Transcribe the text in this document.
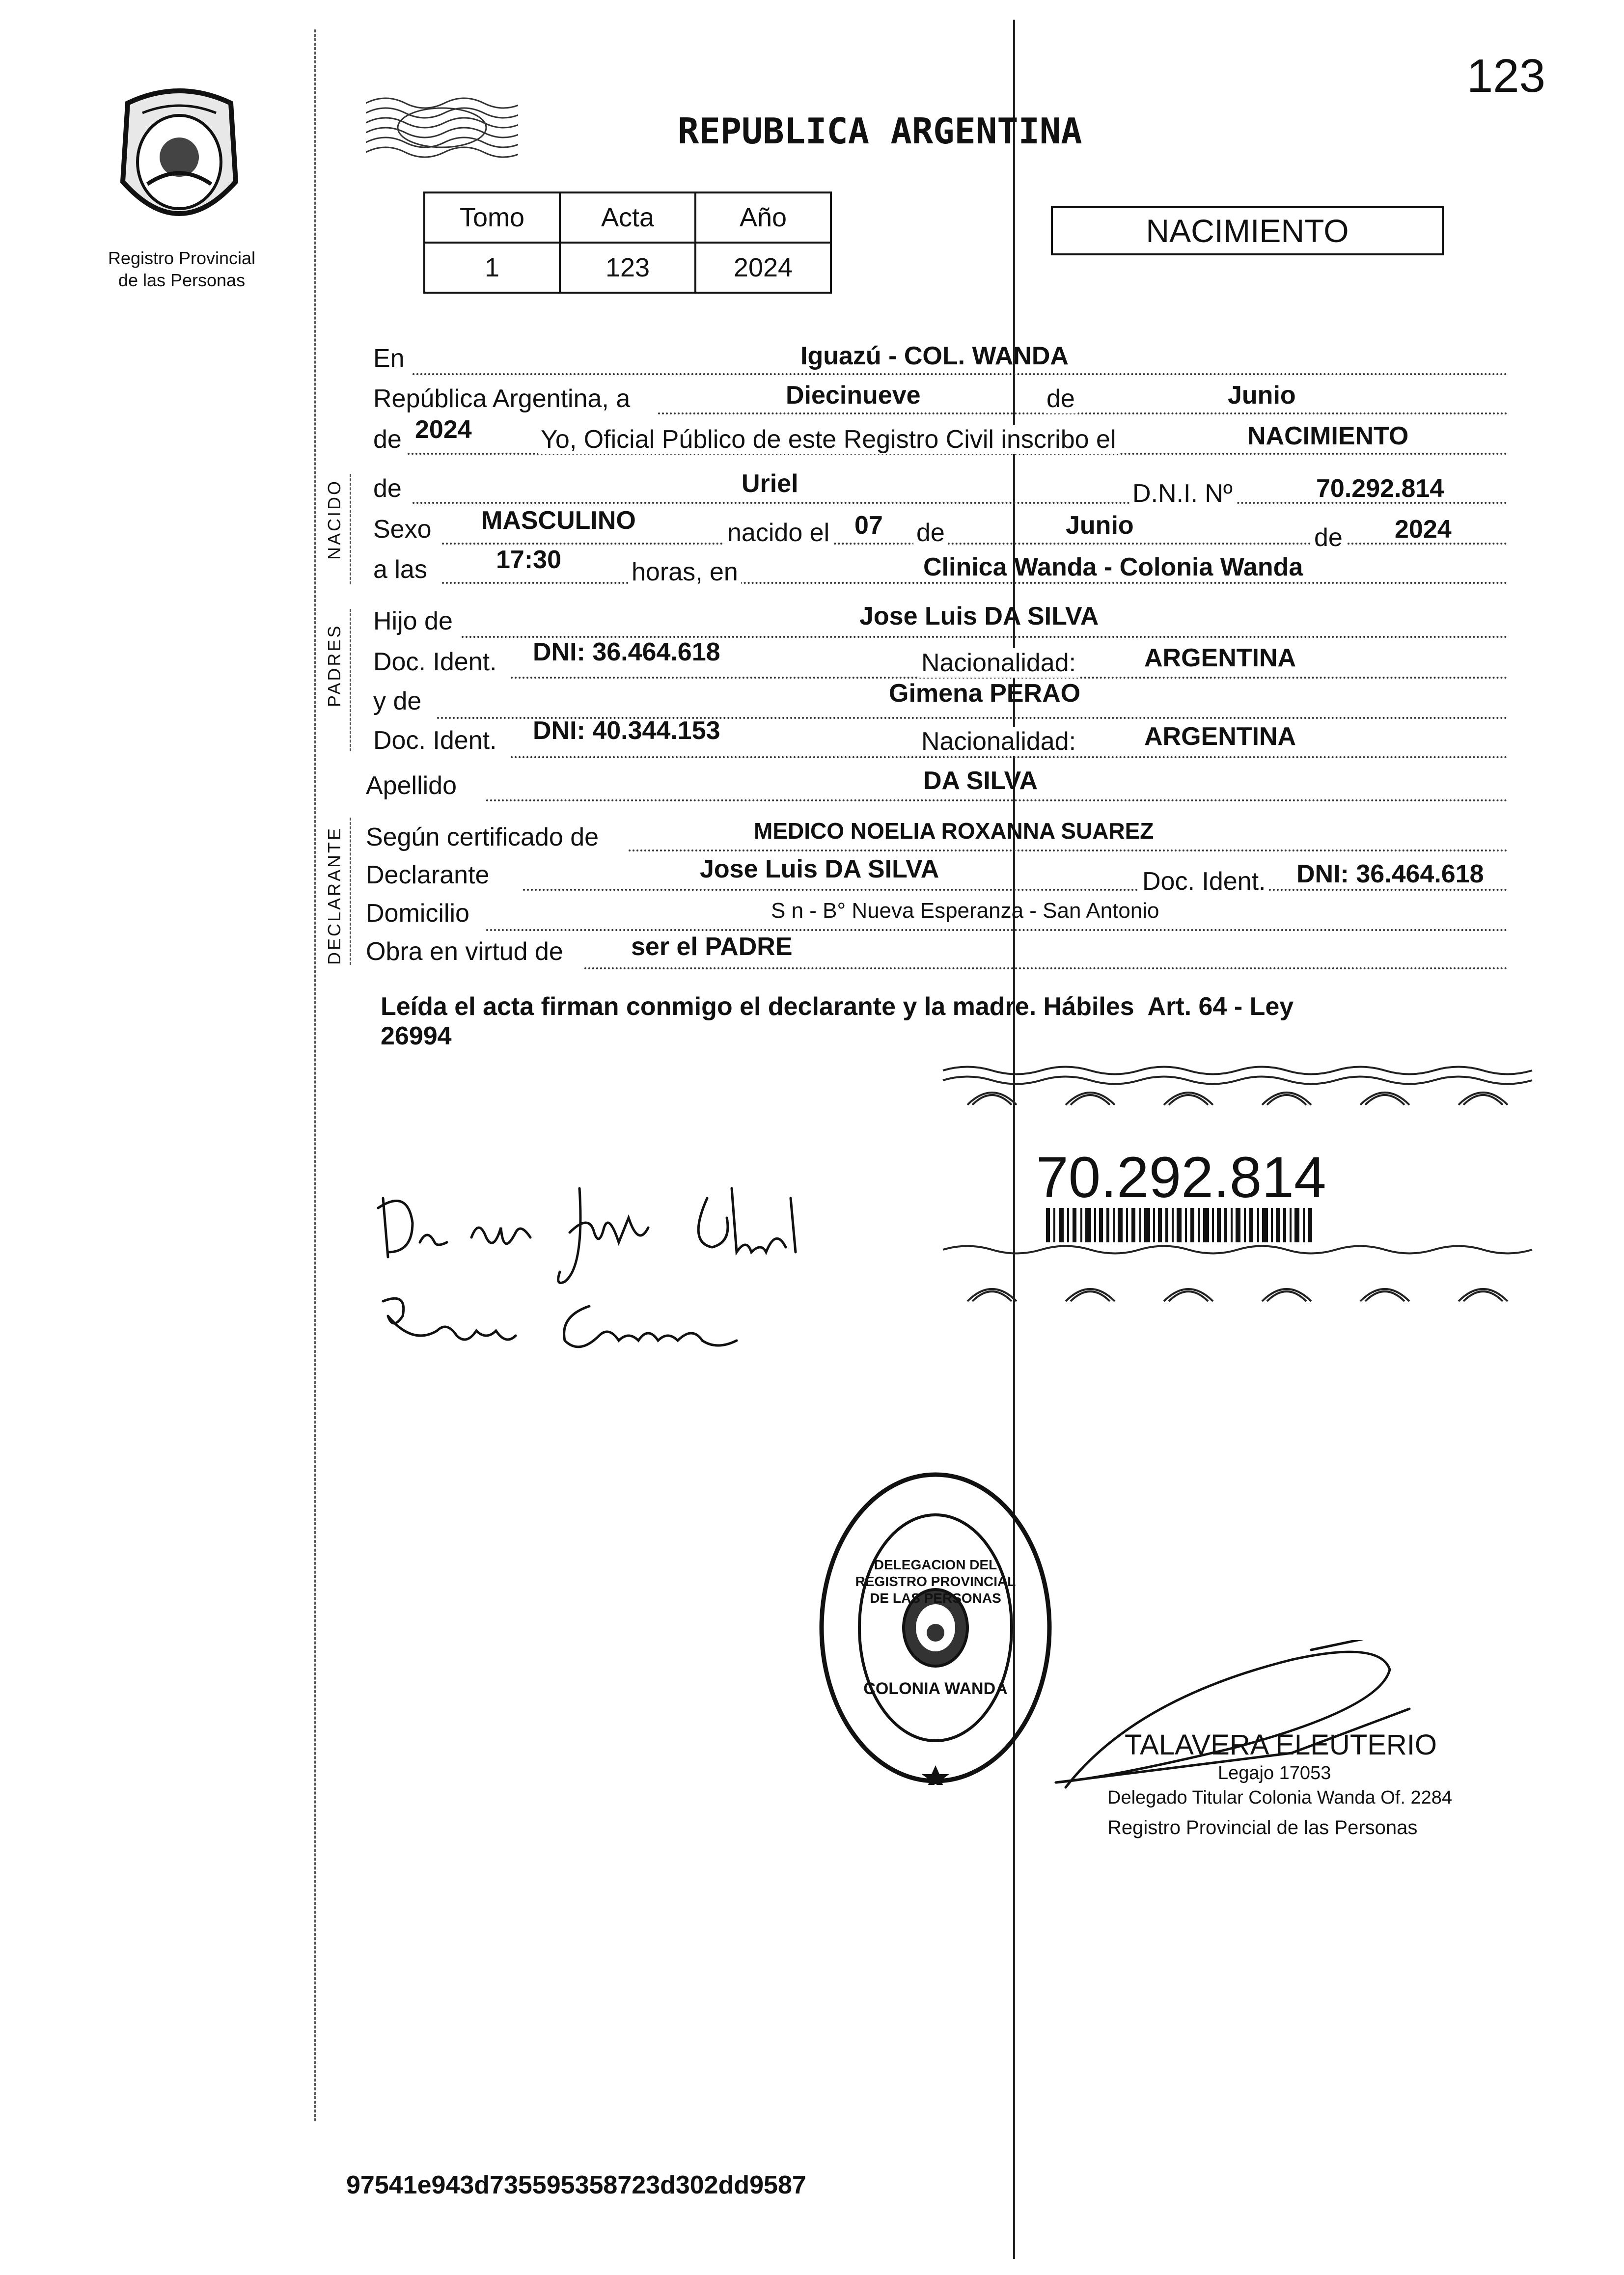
123
Registro Provincial
de las Personas
REPUBLICA ARGENTINA
Tomo	Acta	Año
1	123	2024
NACIMIENTO
En	Iguazú - COL. WANDA
República Argentina, a	Diecinueve	de	Junio
de 2024	Yo, Oficial Público de este Registro Civil inscribo el	NACIMIENTO
NACIDO de	Uriel	D.N.I. Nº	70.292.814
Sexo MASCULINO	nacido el 07 de	Junio	de 2024
a las	17:30	horas, en	Clinica Wanda - Colonia Wanda
PADRES
Hijo de	Jose Luis DA SILVA
Doc. Ident. DNI: 36.464.618	Nacionalidad:	ARGENTINA
y de	Gimena PERAO
Doc. Ident. DNI: 40.344.153	Nacionalidad:	ARGENTINA
Apellido	DA SILVA
DECLARANTE Según certificado de	MEDICO NOELIA ROXANNA SUAREZ
Declarante	Jose Luis DA SILVA	Doc. Ident. DNI: 36.464.618
Domicilio	S n - B° Nueva Esperanza - San Antonio
Obra en virtud de	ser el PADRE
Leída el acta firman conmigo el declarante y la madre. Hábiles  Art. 64 - Ley
26994
70.292.814
DELEGACION DEL REGISTRO PROVINCIAL DE LAS PERSONAS
COLONIA WANDA
TALAVERA ELEUTERIO
Legajo 17053
Delegado Titular Colonia Wanda Of. 2284
Registro Provincial de las Personas
97541e943d735595358723d302dd9587
